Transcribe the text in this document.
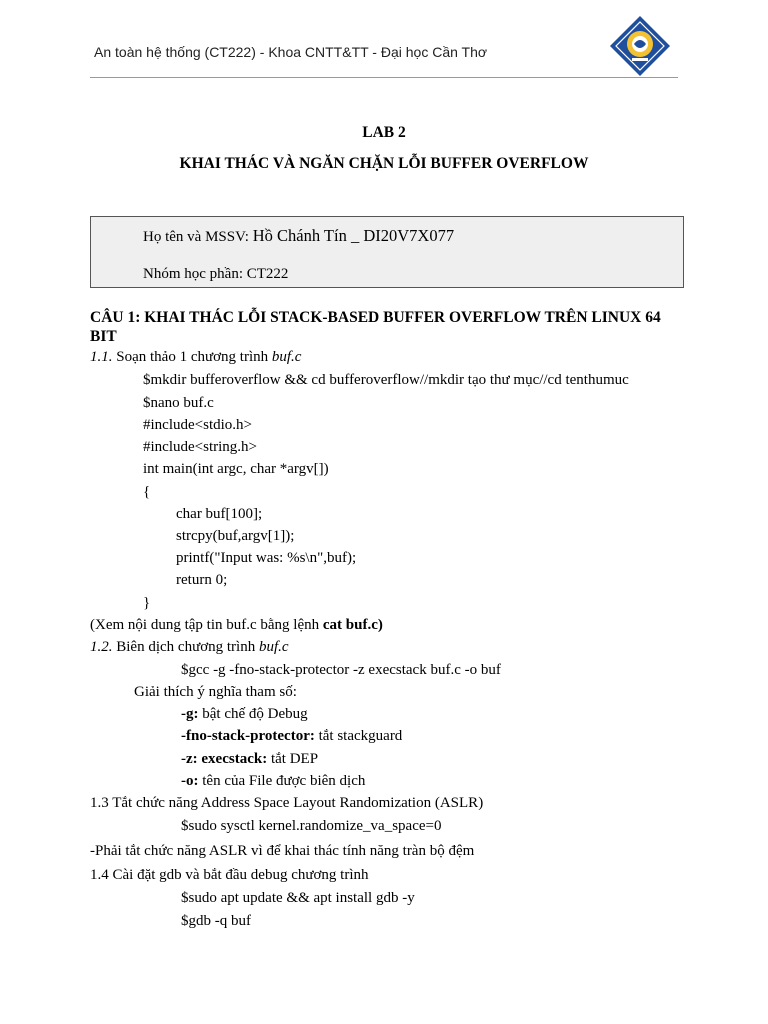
An toàn hệ thống (CT222) - Khoa CNTT&TT - Đại học Cần Thơ
LAB 2
KHAI THÁC VÀ NGĂN CHẶN LỖI BUFFER OVERFLOW
Họ tên và MSSV: Hồ Chánh Tín _ DI20V7X077
Nhóm học phần: CT222
CÂU 1: KHAI THÁC LỖI STACK-BASED BUFFER OVERFLOW TRÊN LINUX 64 BIT
1.1. Soạn thảo 1 chương trình buf.c
$mkdir bufferoverflow && cd bufferoverflow//mkdir tạo thư mục//cd tenthumuc
$nano buf.c
#include<stdio.h>
#include<string.h>
int main(int argc, char *argv[])
{
char buf[100];
strcpy(buf,argv[1]);
printf("Input was: %s\n",buf);
return 0;
}
(Xem nội dung tập tin buf.c bằng lệnh cat buf.c)
1.2. Biên dịch chương trình buf.c
$gcc -g -fno-stack-protector -z execstack buf.c -o buf
Giải thích ý nghĩa tham số:
-g: bật chế độ Debug
-fno-stack-protector: tắt stackguard
-z: execstack: tắt DEP
-o: tên của File được biên dịch
1.3 Tắt chức năng Address Space Layout Randomization (ASLR)
$sudo sysctl kernel.randomize_va_space=0
-Phải tắt chức năng ASLR vì để khai thác tính năng tràn bộ đệm
1.4 Cài đặt gdb và bắt đầu debug chương trình
$sudo apt update && apt install gdb -y
$gdb -q buf
